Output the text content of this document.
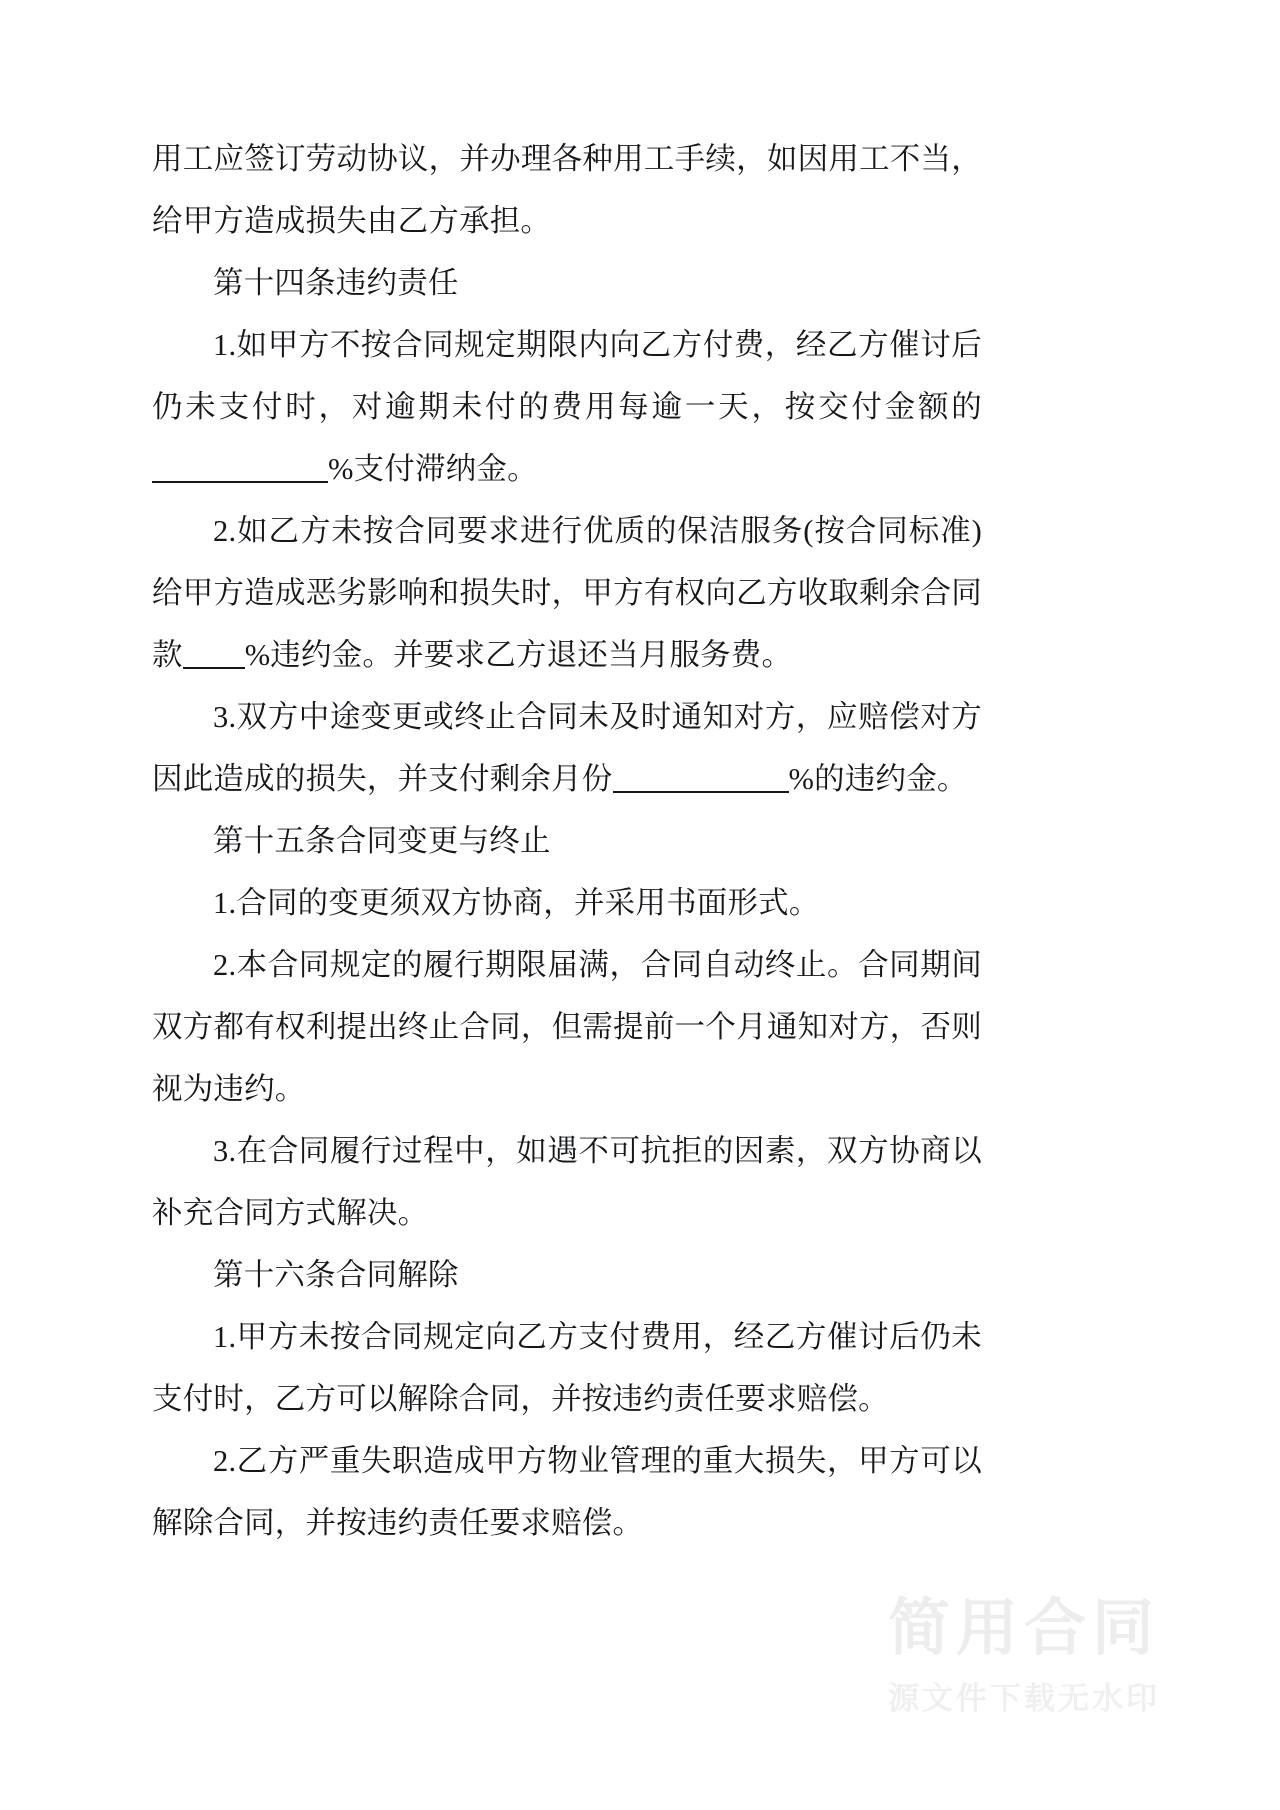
用工应签订劳动协议，并办理各种用工手续，如因用工不当，给甲方造成损失由乙方承担。

第十四条违约责任

1.如甲方不按合同规定期限内向乙方付费，经乙方催讨后仍未支付时，对逾期未付的费用每逾一天，按交付金额的%支付滞纳金。

2.如乙方未按合同要求进行优质的保洁服务(按合同标准)给甲方造成恶劣影响和损失时，甲方有权向乙方收取剩余合同款 %违约金。并要求乙方退还当月服务费。

3.双方中途变更或终止合同未及时通知对方，应赔偿对方因此造成的损失，并支付剩余月份	%的违约金。

第十五条合同变更与终止

1.合同的变更须双方协商，并采用书面形式。

2.本合同规定的履行期限届满，合同自动终止。合同期间双方都有权利提出终止合同，但需提前一个月通知对方，否则视为违约。

3.在合同履行过程中，如遇不可抗拒的因素，双方协商以补充合同方式解决。

第十六条合同解除

1.甲方未按合同规定向乙方支付费用，经乙方催讨后仍未支付时，乙方可以解除合同，并按违约责任要求赔偿。

2.乙方严重失职造成甲方物业管理的重大损失，甲方可以解除合同，并按违约责任要求赔偿。

简用合同
源文件下载无水印
